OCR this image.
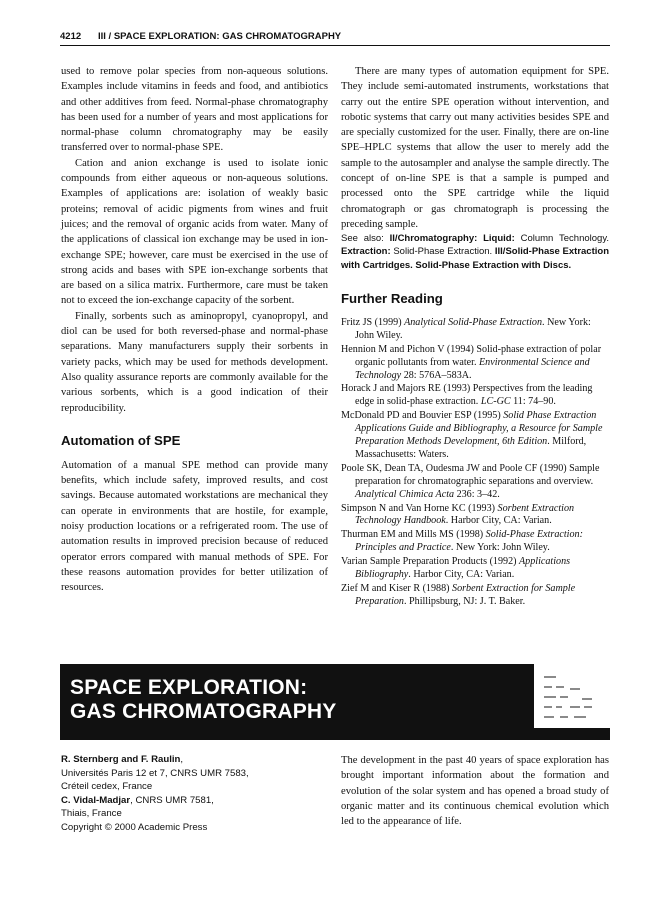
4212 III / SPACE EXPLORATION: GAS CHROMATOGRAPHY

used to remove polar species from non-aqueous solutions. Examples include vitamins in feeds and food, and antibiotics and other additives from feed. Normal-phase chromatography has been used for a number of years and most applications for normal-phase column chromatography may be easily transferred over to normal-phase SPE.

Cation and anion exchange is used to isolate ionic compounds from either aqueous or non-aqueous solutions. Examples of applications are: isolation of weakly basic proteins; removal of acidic pigments from wines and fruit juices; and the removal of organic acids from water. Many of the applications of classical ion exchange may be used in ion-exchange SPE; however, care must be exercised in the use of strong acids and bases with SPE ion-exchange sorbents that are based on a silica matrix. Furthermore, care must be taken not to exceed the ion-exchange capacity of the sorbent.

Finally, sorbents such as aminopropyl, cyanopropyl, and diol can be used for both reversed-phase and normal-phase separations. Many manufacturers supply their sorbents in variety packs, which may be used for methods development. Also quality assurance reports are commonly available for the various sorbents, which is a good indication of their reproducibility.

Automation of SPE

Automation of a manual SPE method can provide many benefits, which include safety, improved results, and cost savings. Because automated workstations are mechanical they can operate in environments that are hostile, for example, noisy production locations or a refrigerated room. The use of automation results in improved precision because of reduced operator errors compared with manual methods of SPE. For these reasons automation provides for better utilization of resources.

There are many types of automation equipment for SPE. They include semi-automated instruments, workstations that carry out the entire SPE operation without intervention, and robotic systems that carry out many activities besides SPE and are specially customized for the user. Finally, there are on-line SPE–HPLC systems that allow the user to merely add the sample to the autosampler and analyse the sample directly. The concept of on-line SPE is that a sample is pumped and processed onto the SPE cartridge while the liquid chromatograph or gas chromatograph is processing the preceding sample.

See also: II/Chromatography: Liquid: Column Technology. Extraction: Solid-Phase Extraction. III/Solid-Phase Extraction with Cartridges. Solid-Phase Extraction with Discs.

Further Reading
Fritz JS (1999) Analytical Solid-Phase Extraction. New York: John Wiley.
Hennion M and Pichon V (1994) Solid-phase extraction of polar organic pollutants from water. Environmental Science and Technology 28: 576A–583A.
Horack J and Majors RE (1993) Perspectives from the leading edge in solid-phase extraction. LC-GC 11: 74–90.
McDonald PD and Bouvier ESP (1995) Solid Phase Extraction Applications Guide and Bibliography, a Resource for Sample Preparation Methods Development, 6th Edition. Milford, Massachusetts: Waters.
Poole SK, Dean TA, Oudesma JW and Poole CF (1990) Sample preparation for chromatographic separations and overview. Analytical Chimica Acta 236: 3–42.
Simpson N and Van Horne KC (1993) Sorbent Extraction Technology Handbook. Harbor City, CA: Varian.
Thurman EM and Mills MS (1998) Solid-Phase Extraction: Principles and Practice. New York: John Wiley.
Varian Sample Preparation Products (1992) Applications Bibliography. Harbor City, CA: Varian.
Zief M and Kiser R (1988) Sorbent Extraction for Sample Preparation. Phillipsburg, NJ: J. T. Baker.
SPACE EXPLORATION:
GAS CHROMATOGRAPHY
R. Sternberg and F. Raulin,
Universités Paris 12 et 7, CNRS UMR 7583,
Créteil cedex, France
C. Vidal-Madjar, CNRS UMR 7581,
Thiais, France
Copyright © 2000 Academic Press

The development in the past 40 years of space exploration has brought important information about the formation and evolution of the solar system and has opened a broad study of organic matter and its continuous chemical evolution which led to the appearance of life.
